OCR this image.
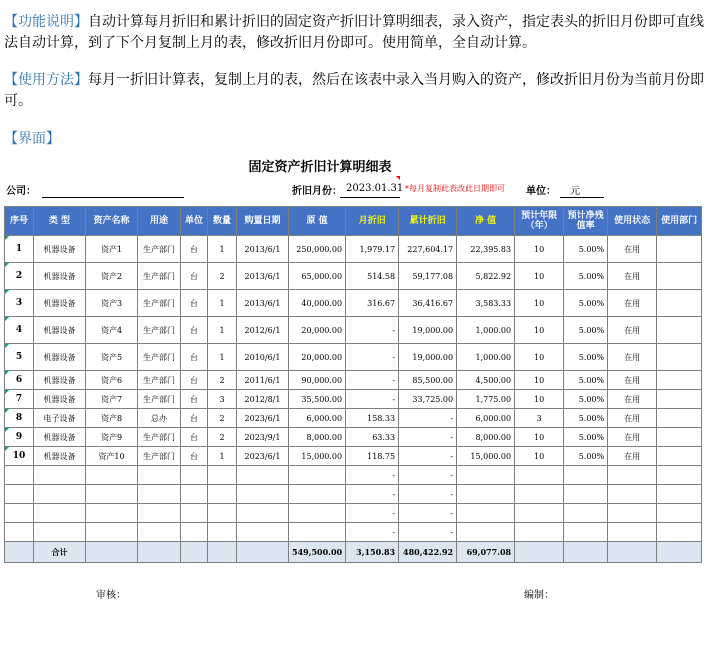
【功能说明】自动计算每月折旧和累计折旧的固定资产折旧计算明细表，录入资产，指定表头的折旧月份即可直线法自动计算，到了下个月复制上月的表，修改折旧月份即可。使用简单，全自动计算。
【使用方法】每月一折旧计算表，复制上月的表，然后在该表中录入当月购入的资产，修改折旧月份为当前月份即可。
【界面】
固定资产折旧计算明细表
公司：	折旧月份： 2023.01.31 *每月复制此表改此日期即可 单位： 元
序号	类 型	资产名称	用途	单位	数量	购置日期	原 值	月折旧	累计折旧	净 值	预计年限（年）	预计净残值率	使用状态	使用部门

1	机器设备	资产1	生产部门	台	1	2013/6/1	250,000.00	1,979.17	227,604.17	22,395.83	10	5.00%	在用	

2	机器设备	资产2	生产部门	台	2	2013/6/1	65,000.00	514.58	59,177.08	5,822.92	10	5.00%	在用	

3	机器设备	资产3	生产部门	台	1	2013/6/1	40,000.00	316.67	36,416.67	3,583.33	10	5.00%	在用	

4	机器设备	资产4	生产部门	台	1	2012/6/1	20,000.00	-	19,000.00	1,000.00	10	5.00%	在用	

5	机器设备	资产5	生产部门	台	1	2010/6/1	20,000.00	-	19,000.00	1,000.00	10	5.00%	在用	

6	机器设备	资产6	生产部门	台	2	2011/6/1	90,000.00	-	85,500.00	4,500.00	10	5.00%	在用	

7	机器设备	资产7	生产部门	台	3	2012/8/1	35,500.00	-	33,725.00	1,775.00	10	5.00%	在用	

8	电子设备	资产8	总办	台	2	2023/6/1	6,000.00	158.33	-	6,000.00	3	5.00%	在用	

9	机器设备	资产9	生产部门	台	2	2023/9/1	8,000.00	63.33	-	8,000.00	10	5.00%	在用	

10	机器设备	资产10	生产部门	台	1	2023/6/1	15,000.00	118.75	-	15,000.00	10	5.00%	在用	
								-	-					
								-	-					
								-	-					
								-	-					
	合计						549,500.00	3,150.83	480,422.92	69,077.08				
审核：	编制：
